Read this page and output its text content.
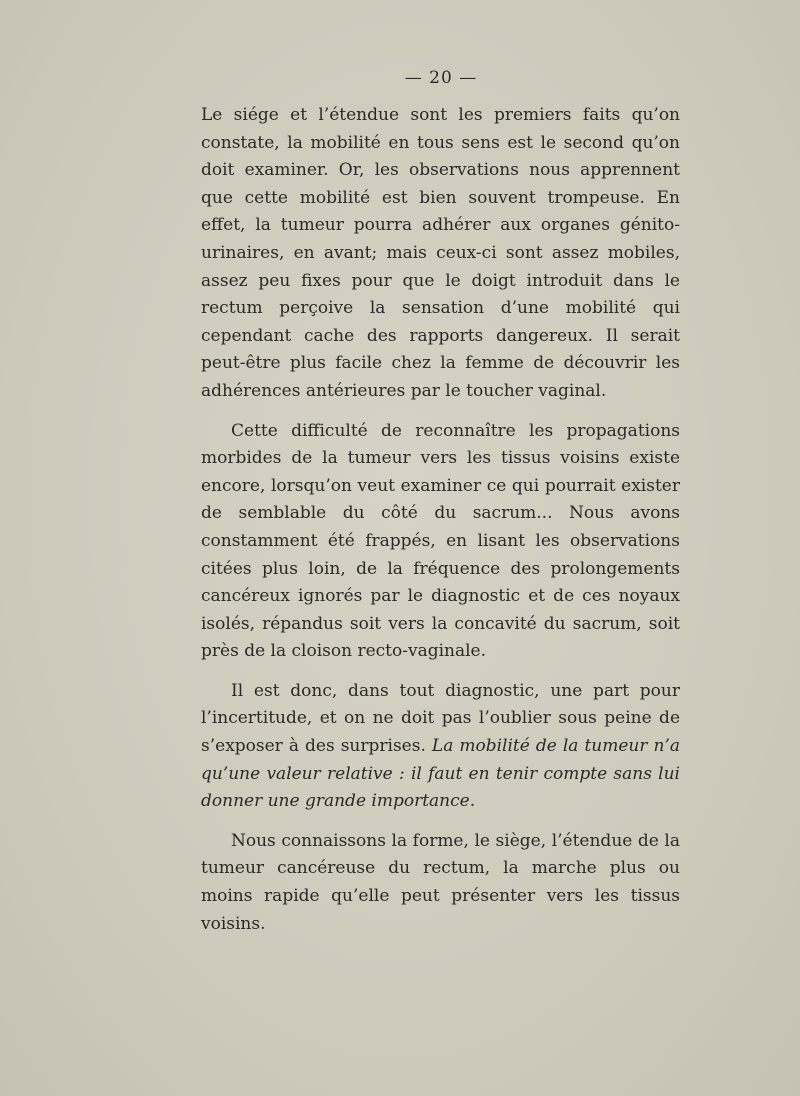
— 20 —

Le siége et l’étendue sont les premiers faits qu’on constate, la mobilité en tous sens est le second qu’on doit examiner. Or, les observations nous apprennent que cette mobilité est bien souvent trompeuse. En effet, la tumeur pourra adhérer aux organes génito-urinaires, en avant; mais ceux-ci sont assez mobiles, assez peu fixes pour que le doigt introduit dans le rectum perçoive la sensation d’une mobilité qui cependant cache des rapports dangereux. Il serait peut-être plus facile chez la femme de découvrir les adhérences antérieures par le toucher vaginal.

Cette difficulté de reconnaître les propagations morbides de la tumeur vers les tissus voisins existe encore, lorsqu’on veut examiner ce qui pourrait exister de semblable du côté du sacrum... Nous avons constamment été frappés, en lisant les observations citées plus loin, de la fréquence des prolongements cancéreux ignorés par le diagnostic et de ces noyaux isolés, répandus soit vers la concavité du sacrum, soit près de la cloison recto-vaginale.

Il est donc, dans tout diagnostic, une part pour l’incertitude, et on ne doit pas l’oublier sous peine de s’exposer à des surprises. La mobilité de la tumeur n’a qu’une valeur relative : il faut en tenir compte sans lui donner une grande importance.

Nous connaissons la forme, le siège, l’étendue de la tumeur cancéreuse du rectum, la marche plus ou moins rapide qu’elle peut présenter vers les tissus voisins.
